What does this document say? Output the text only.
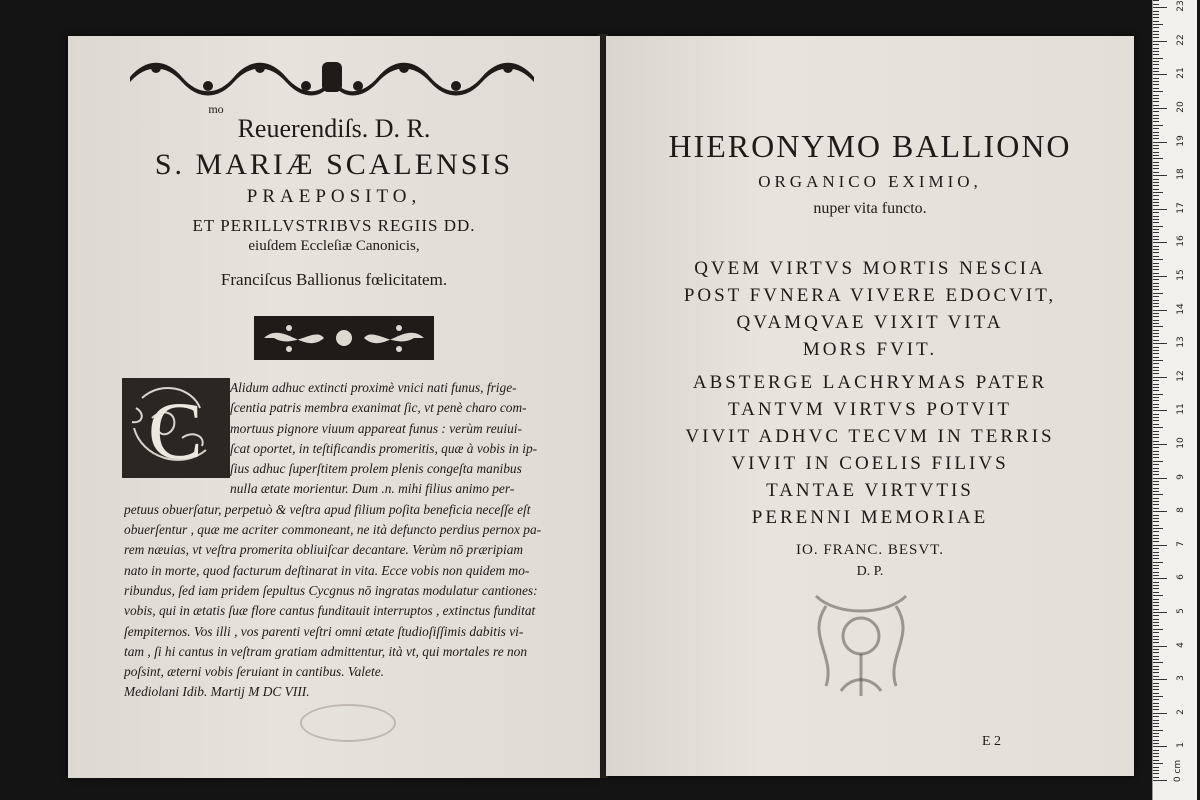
mo
Reuerendiſs. D. R.
S. MARIÆ SCALENSIS
PRAEPOSITO,
ET PERILLVSTRIBVS REGIIS DD.
eiuſdem Eccleſiæ Canonicis,
Franciſcus Ballionus fœlicitatem.
C	Alidum adhuc extincti proximè vnici nati funus, frige-
ſcentia patris membra exanimat ſic, vt penè charo com-
mortuus pignore viuum appareat funus : verùm reuiui-
ſcat oportet, in teſtificandis promeritis, quæ à vobis in ip-
ſius adhuc ſuperſtitem prolem plenis congeſta manibus
nulla ætate morientur. Dum .n. mihi filius animo per-
petuus obuerſatur, perpetuò & veſtra apud filium poſita beneficia neceſſe eſt
obuerſentur , quæ me acriter commoneant, ne ità defuncto perdius pernox pa-
rem næuias, vt veſtra promerita obliuiſcar decantare. Verùm nō præripiam
nato in morte, quod facturum deſtinarat in vita. Ecce vobis non quidem mo-
ribundus, ſed iam pridem ſepultus Cycgnus nō ingratas modulatur cantiones:
vobis, qui in ætatis ſuæ flore cantus funditauit interruptos , extinctus funditat
ſempiternos. Vos illi , vos parenti veſtri omni ætate ſtudioſiſſimis dabitis vi-
tam , ſi hi cantus in veſtram gratiam admittentur, ità vt, qui mortales re non
poſsint, æterni vobis ſeruiant in cantibus. Valete.
Mediolani Idib. Martij M DC VIII.
HIERONYMO BALLIONO
ORGANICO EXIMIO,
nuper vita functo.
QVEM VIRTVS MORTIS NESCIA
POST FVNERA VIVERE EDOCVIT,
QVAMQVAE VIXIT VITA
MORS FVIT.
ABSTERGE LACHRYMAS PATER
TANTVM VIRTVS POTVIT
VIVIT ADHVC TECVM IN TERRIS
VIVIT IN COELIS FILIVS
TANTAE VIRTVTIS
PERENNI MEMORIAE
IO. FRANC. BESVT.
D. P.
E 2
0 cm
1
2
3
4
5
6
7
8
9
10
11
12
13
14
15
16
17
18
19
20
21
22
23
